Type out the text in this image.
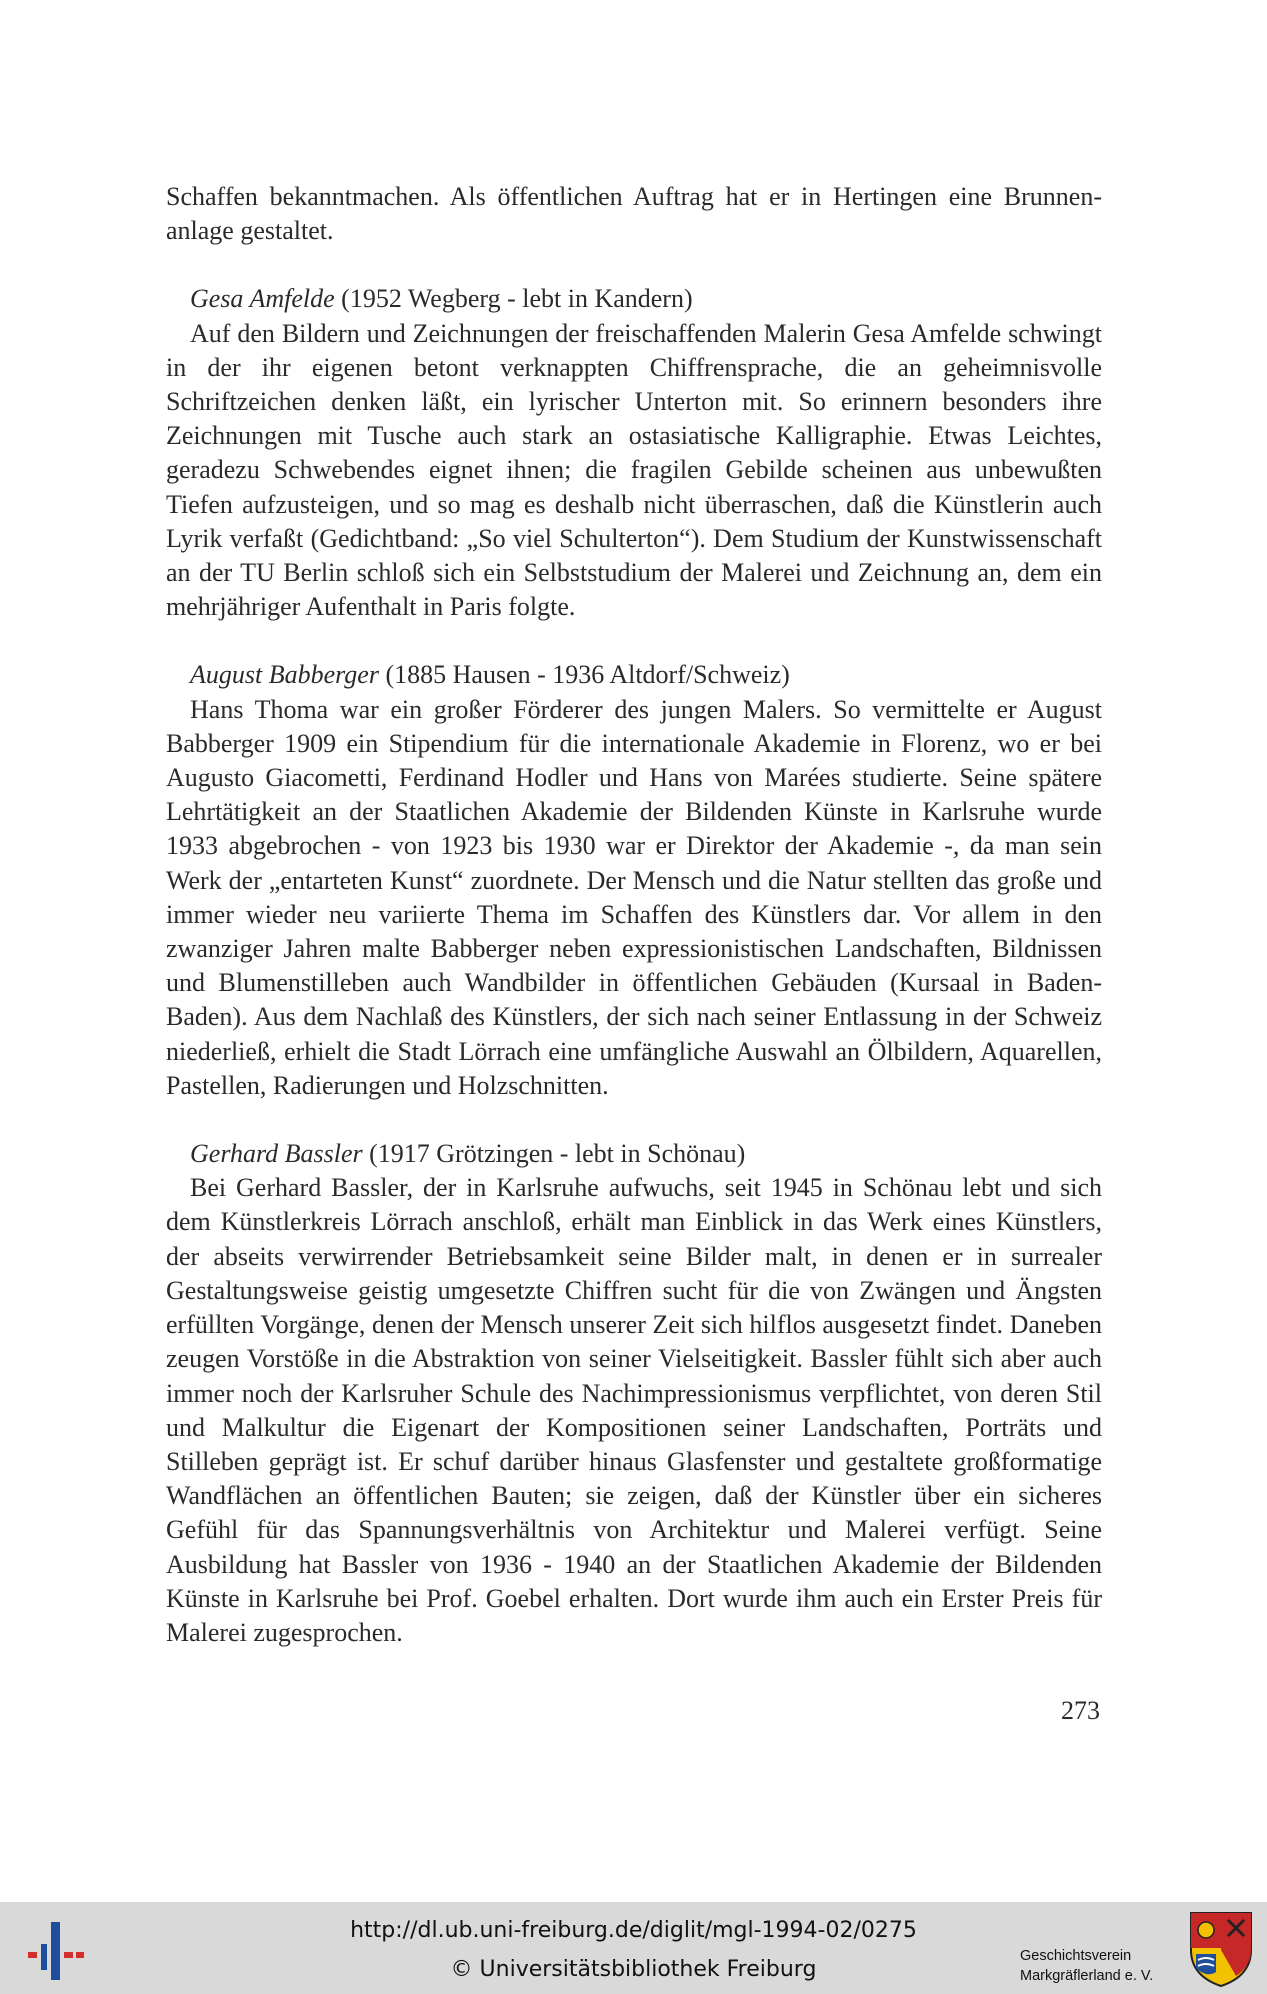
Schaffen bekanntmachen. Als öffentlichen Auftrag hat er in Hertingen eine Brunnenanlage gestaltet.

Gesa Amfelde (1952 Wegberg - lebt in Kandern)

Auf den Bildern und Zeichnungen der freischaffenden Malerin Gesa Amfelde schwingt in der ihr eigenen betont verknappten Chiffrensprache, die an geheimnisvolle Schriftzeichen denken läßt, ein lyrischer Unterton mit. So erinnern besonders ihre Zeichnungen mit Tusche auch stark an ostasiatische Kalligraphie. Etwas Leichtes, geradezu Schwebendes eignet ihnen; die fragilen Gebilde scheinen aus unbewußten Tiefen aufzusteigen, und so mag es deshalb nicht überraschen, daß die Künstlerin auch Lyrik verfaßt (Gedichtband: „So viel Schulterton“). Dem Studium der Kunstwissenschaft an der TU Berlin schloß sich ein Selbststudium der Malerei und Zeichnung an, dem ein mehrjähriger Aufenthalt in Paris folgte.

August Babberger (1885 Hausen - 1936 Altdorf/Schweiz)

Hans Thoma war ein großer Förderer des jungen Malers. So vermittelte er August Babberger 1909 ein Stipendium für die internationale Akademie in Florenz, wo er bei Augusto Giacometti, Ferdinand Hodler und Hans von Marées studierte. Seine spätere Lehrtätigkeit an der Staatlichen Akademie der Bildenden Künste in Karlsruhe wurde 1933 abgebrochen - von 1923 bis 1930 war er Direktor der Akademie -, da man sein Werk der „entarteten Kunst“ zuordnete. Der Mensch und die Natur stellten das große und immer wieder neu variierte Thema im Schaffen des Künstlers dar. Vor allem in den zwanziger Jahren malte Babberger neben expressionistischen Landschaften, Bildnissen und Blumenstilleben auch Wandbilder in öffentlichen Gebäuden (Kursaal in Baden-Baden). Aus dem Nachlaß des Künstlers, der sich nach seiner Entlassung in der Schweiz niederließ, erhielt die Stadt Lörrach eine umfängliche Auswahl an Ölbildern, Aquarellen, Pastellen, Radierungen und Holzschnitten.

Gerhard Bassler (1917 Grötzingen - lebt in Schönau)

Bei Gerhard Bassler, der in Karlsruhe aufwuchs, seit 1945 in Schönau lebt und sich dem Künstlerkreis Lörrach anschloß, erhält man Einblick in das Werk eines Künstlers, der abseits verwirrender Betriebsamkeit seine Bilder malt, in denen er in surrealer Gestaltungsweise geistig umgesetzte Chiffren sucht für die von Zwängen und Ängsten erfüllten Vorgänge, denen der Mensch unserer Zeit sich hilflos ausgesetzt findet. Daneben zeugen Vorstöße in die Abstraktion von seiner Vielseitigkeit. Bassler fühlt sich aber auch immer noch der Karlsruher Schule des Nachimpressionismus verpflichtet, von deren Stil und Malkultur die Eigenart der Kompositionen seiner Landschaften, Porträts und Stilleben geprägt ist. Er schuf darüber hinaus Glasfenster und gestaltete großformatige Wandflächen an öffentlichen Bauten; sie zeigen, daß der Künstler über ein sicheres Gefühl für das Spannungsverhältnis von Architektur und Malerei verfügt. Seine Ausbildung hat Bassler von 1936 - 1940 an der Staatlichen Akademie der Bildenden Künste in Karlsruhe bei Prof. Goebel erhalten. Dort wurde ihm auch ein Erster Preis für Malerei zugesprochen.

273
http://dl.ub.uni-freiburg.de/diglit/mgl-1994-02/0275
© Universitätsbibliothek Freiburg
Geschichtsverein
Markgräflerland e. V.
